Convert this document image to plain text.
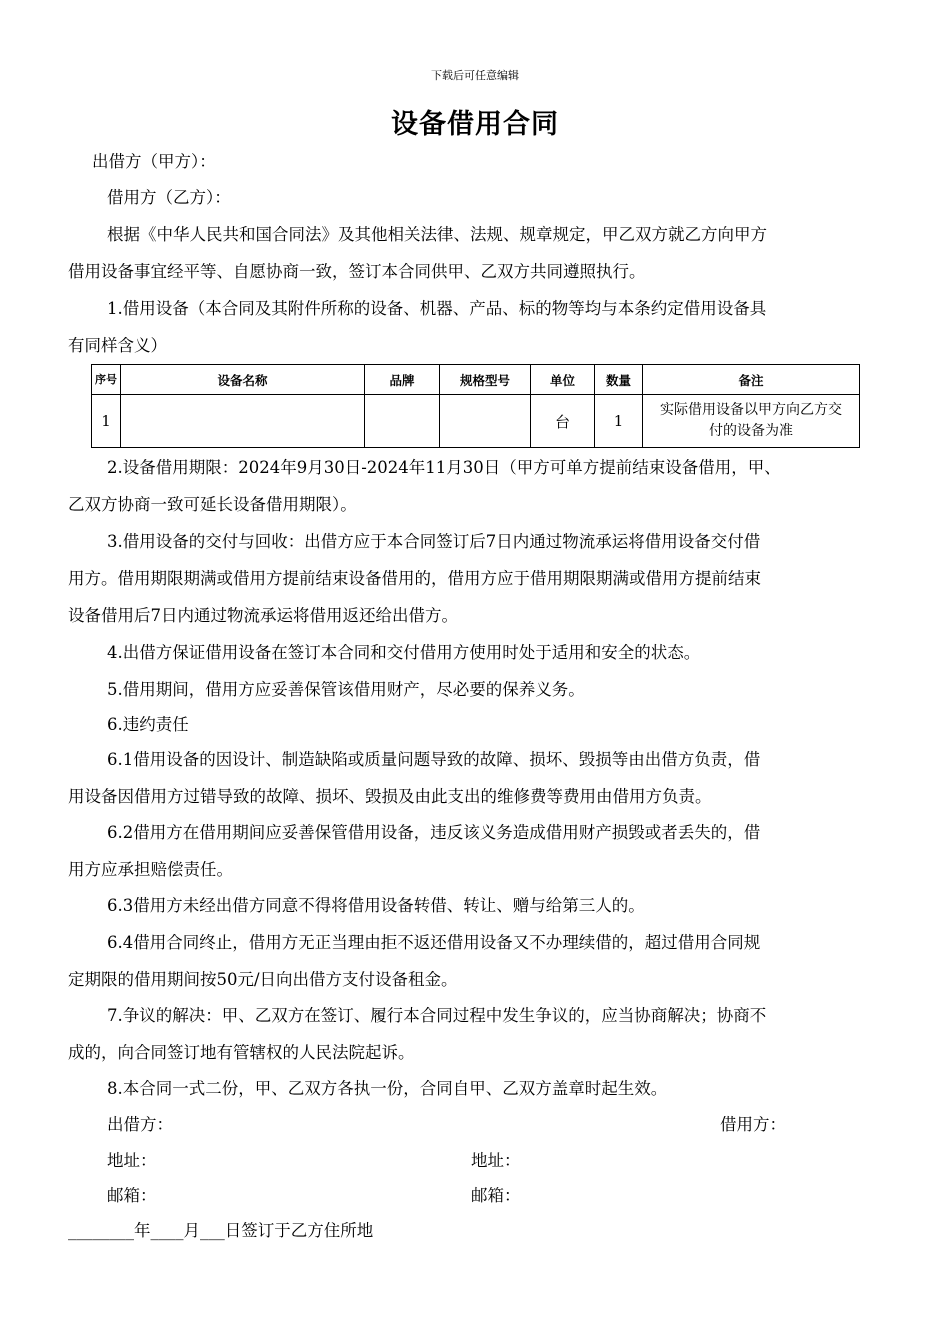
下载后可任意编辑
设备借用合同
出借方（甲方）：
借用方（乙方）：
根据《中华人民共和国合同法》及其他相关法律、法规、规章规定，甲乙双方就乙方向甲方
借用设备事宜经平等、自愿协商一致，签订本合同供甲、乙双方共同遵照执行。
1.借用设备（本合同及其附件所称的设备、机器、产品、标的物等均与本条约定借用设备具
有同样含义）
序号	设备名称	品牌	规格型号	单位	数量	备注
1				台	1	实际借用设备以甲方向乙方交付的设备为准
2.设备借用期限：2024年9月30日-2024年11月30日（甲方可单方提前结束设备借用，甲、
乙双方协商一致可延长设备借用期限）。
3.借用设备的交付与回收：出借方应于本合同签订后7日内通过物流承运将借用设备交付借
用方。借用期限期满或借用方提前结束设备借用的，借用方应于借用期限期满或借用方提前结束
设备借用后7日内通过物流承运将借用返还给出借方。
4.出借方保证借用设备在签订本合同和交付借用方使用时处于适用和安全的状态。
5.借用期间，借用方应妥善保管该借用财产，尽必要的保养义务。
6.违约责任
6.1借用设备的因设计、制造缺陷或质量问题导致的故障、损坏、毁损等由出借方负责，借
用设备因借用方过错导致的故障、损坏、毁损及由此支出的维修费等费用由借用方负责。
6.2借用方在借用期间应妥善保管借用设备，违反该义务造成借用财产损毁或者丢失的，借
用方应承担赔偿责任。
6.3借用方未经出借方同意不得将借用设备转借、转让、赠与给第三人的。
6.4借用合同终止，借用方无正当理由拒不返还借用设备又不办理续借的，超过借用合同规
定期限的借用期间按50元/日向出借方支付设备租金。
7.争议的解决：甲、乙双方在签订、履行本合同过程中发生争议的，应当协商解决；协商不
成的，向合同签订地有管辖权的人民法院起诉。
8.本合同一式二份，甲、乙双方各执一份，合同自甲、乙双方盖章时起生效。
出借方：	借用方：
地址：	地址：
邮箱：	邮箱：
________年____月___日签订于乙方住所地
